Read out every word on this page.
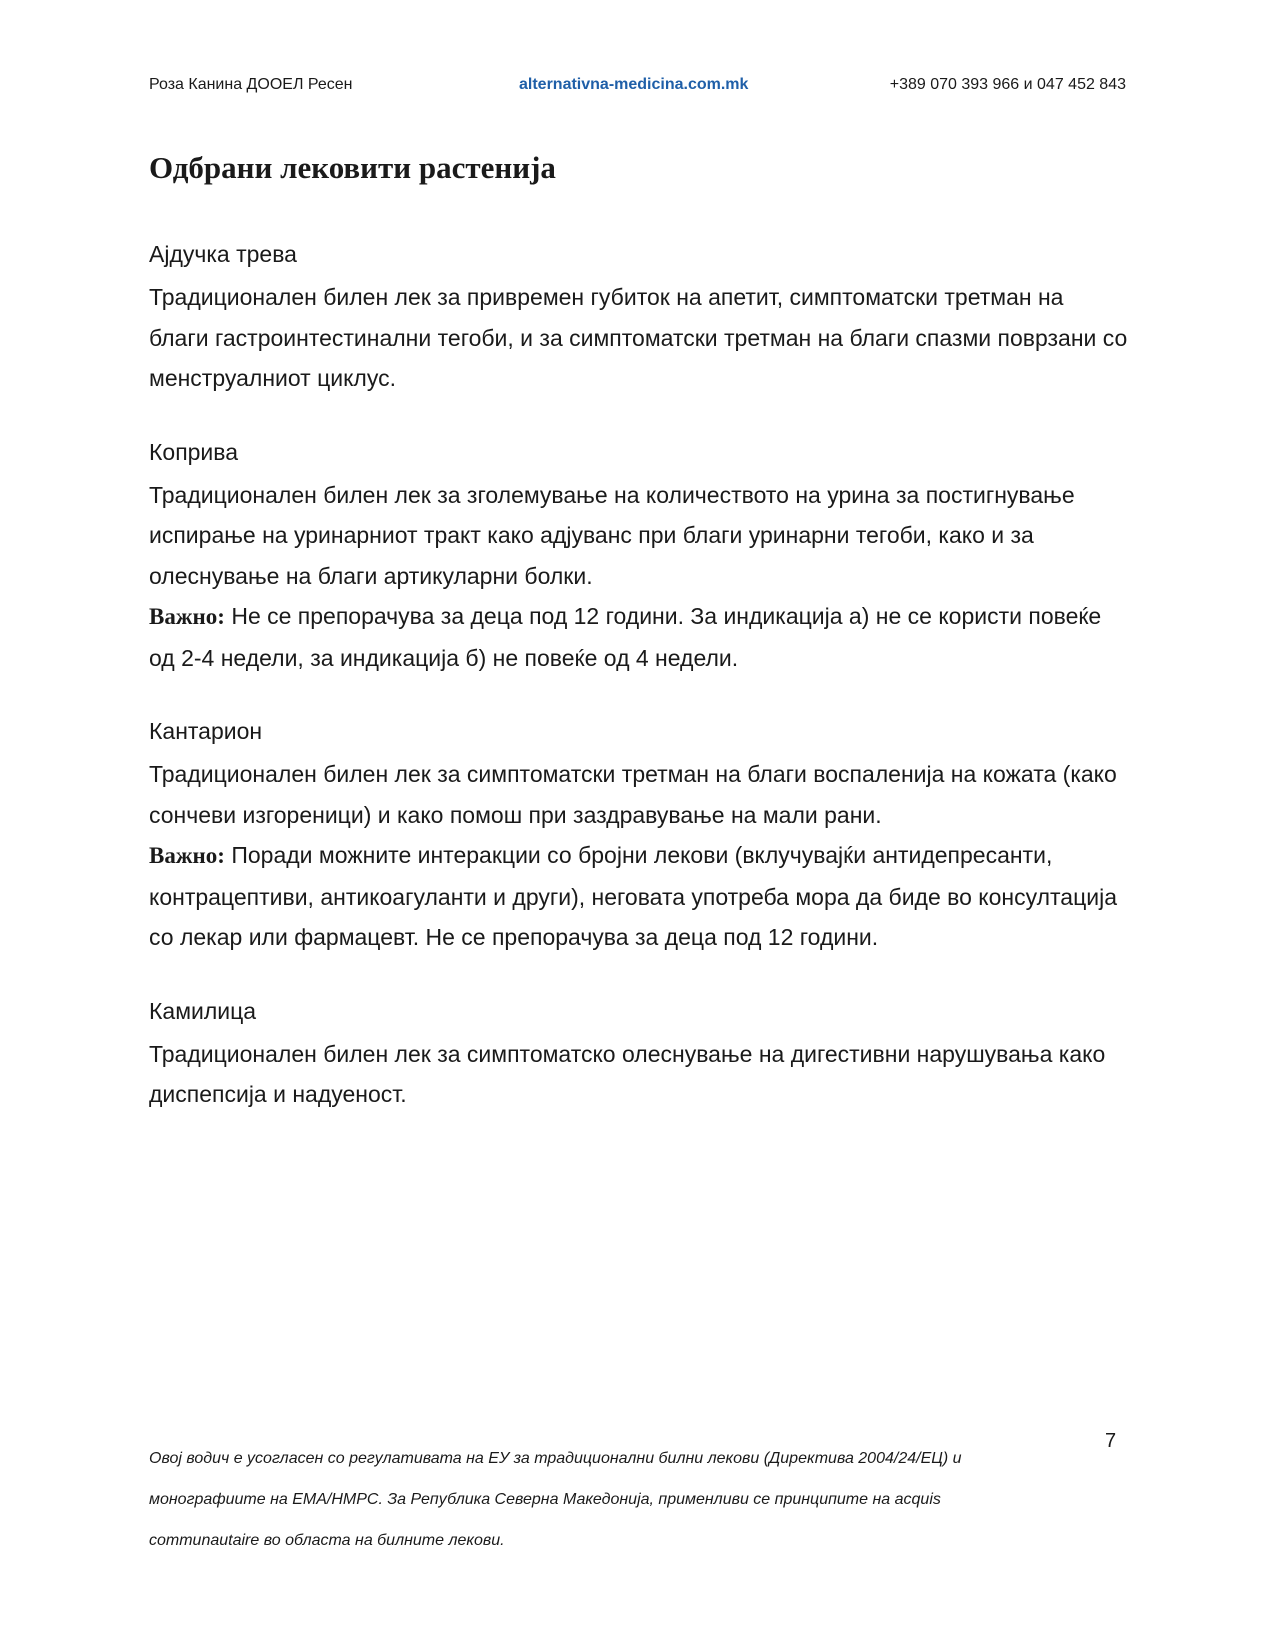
Роза Канина ДООЕЛ Ресен	alternativna-medicina.com.mk	+389 070 393 966 и 047 452 843
Одбрани лековити растенија
Ајдучка трева

Традиционален билен лек за привремен губиток на апетит, симптоматски третман на благи гастроинтестинални тегоби, и за симптоматски третман на благи спазми поврзани со менструалниот циклус.

Коприва

Традиционален билен лек за зголемување на количеството на урина за постигнување испирање на уринарниот тракт како адјуванс при благи уринарни тегоби, како и за олеснување на благи артикуларни болки.
Важно: Не се препорачува за деца под 12 години. За индикација а) не се користи повеќе од 2-4 недели, за индикација б) не повеќе од 4 недели.

Кантарион

Традиционален билен лек за симптоматски третман на благи воспаленија на кожата (како сончеви изгореници) и како помош при заздравување на мали рани.
Важно: Поради можните интеракции со бројни лекови (вклучувајќи антидепресанти, контрацептиви, антикоагуланти и други), неговата употреба мора да биде во консултација со лекар или фармацевт. Не се препорачува за деца под 12 години.

Камилица

Традиционален билен лек за симптоматско олеснување на дигестивни нарушувања како диспепсија и надуеност.

7

Овој водич е усогласен со регулативата на ЕУ за традиционални билни лекови (Директива 2004/24/ЕЦ) и монографиите на ЕМА/HMPC. За Република Северна Македонија, применливи се принципите на acquis communautaire во областа на билните лекови.
